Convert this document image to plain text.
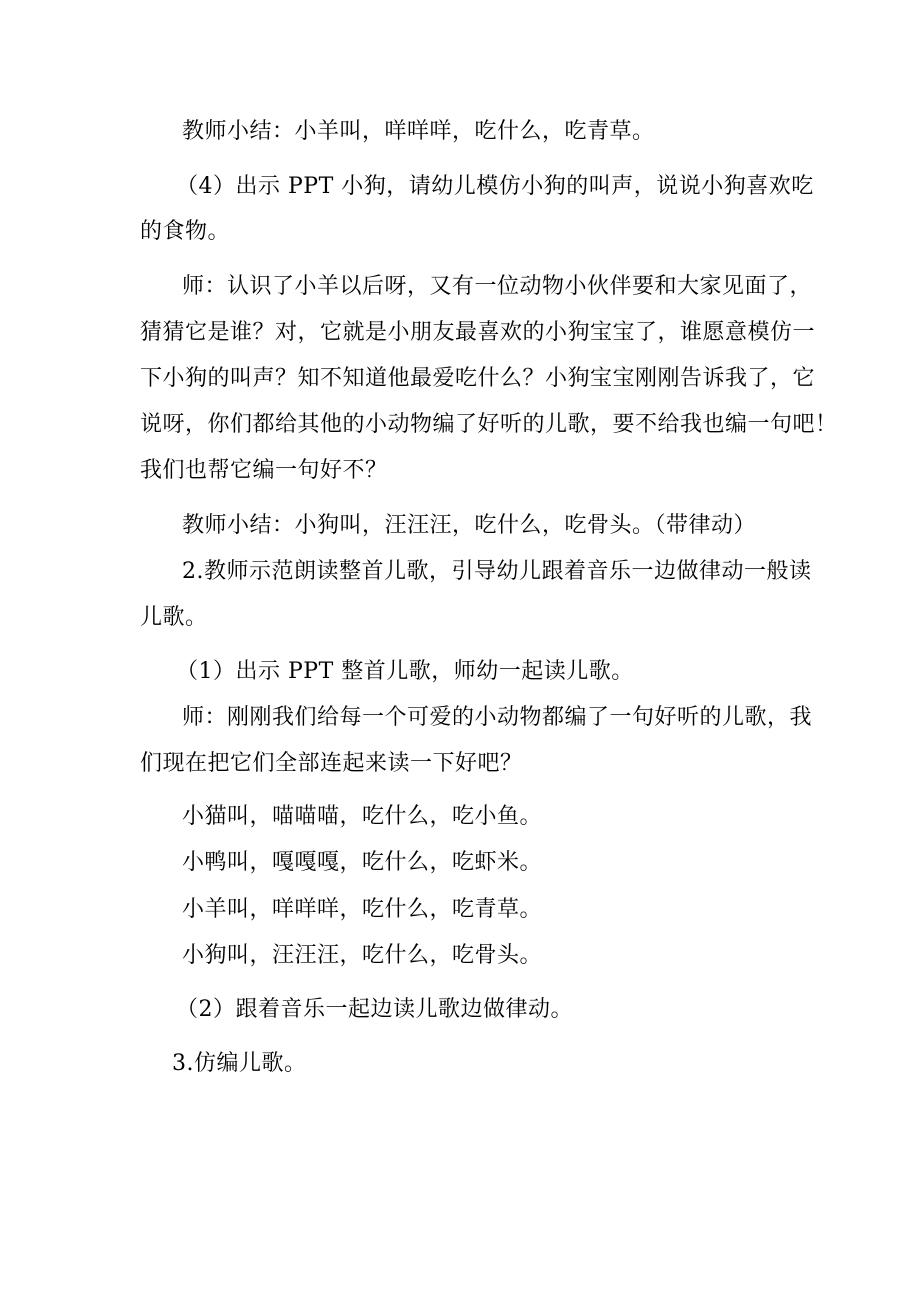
教师小结：小羊叫，咩咩咩，吃什么，吃青草。
（4）出示 PPT 小狗，请幼儿模仿小狗的叫声，说说小狗喜欢吃
的食物。
师：认识了小羊以后呀，又有一位动物小伙伴要和大家见面了，
猜猜它是谁？对，它就是小朋友最喜欢的小狗宝宝了，谁愿意模仿一
下小狗的叫声？知不知道他最爱吃什么？小狗宝宝刚刚告诉我了，它
说呀，你们都给其他的小动物编了好听的儿歌，要不给我也编一句吧！
我们也帮它编一句好不？
教师小结：小狗叫，汪汪汪，吃什么，吃骨头。（带律动）
2.教师示范朗读整首儿歌，引导幼儿跟着音乐一边做律动一般读
儿歌。
（1）出示 PPT 整首儿歌，师幼一起读儿歌。
师：刚刚我们给每一个可爱的小动物都编了一句好听的儿歌，我
们现在把它们全部连起来读一下好吧？
小猫叫，喵喵喵，吃什么，吃小鱼。
小鸭叫，嘎嘎嘎，吃什么，吃虾米。
小羊叫，咩咩咩，吃什么，吃青草。
小狗叫，汪汪汪，吃什么，吃骨头。
（2）跟着音乐一起边读儿歌边做律动。
3.仿编儿歌。
